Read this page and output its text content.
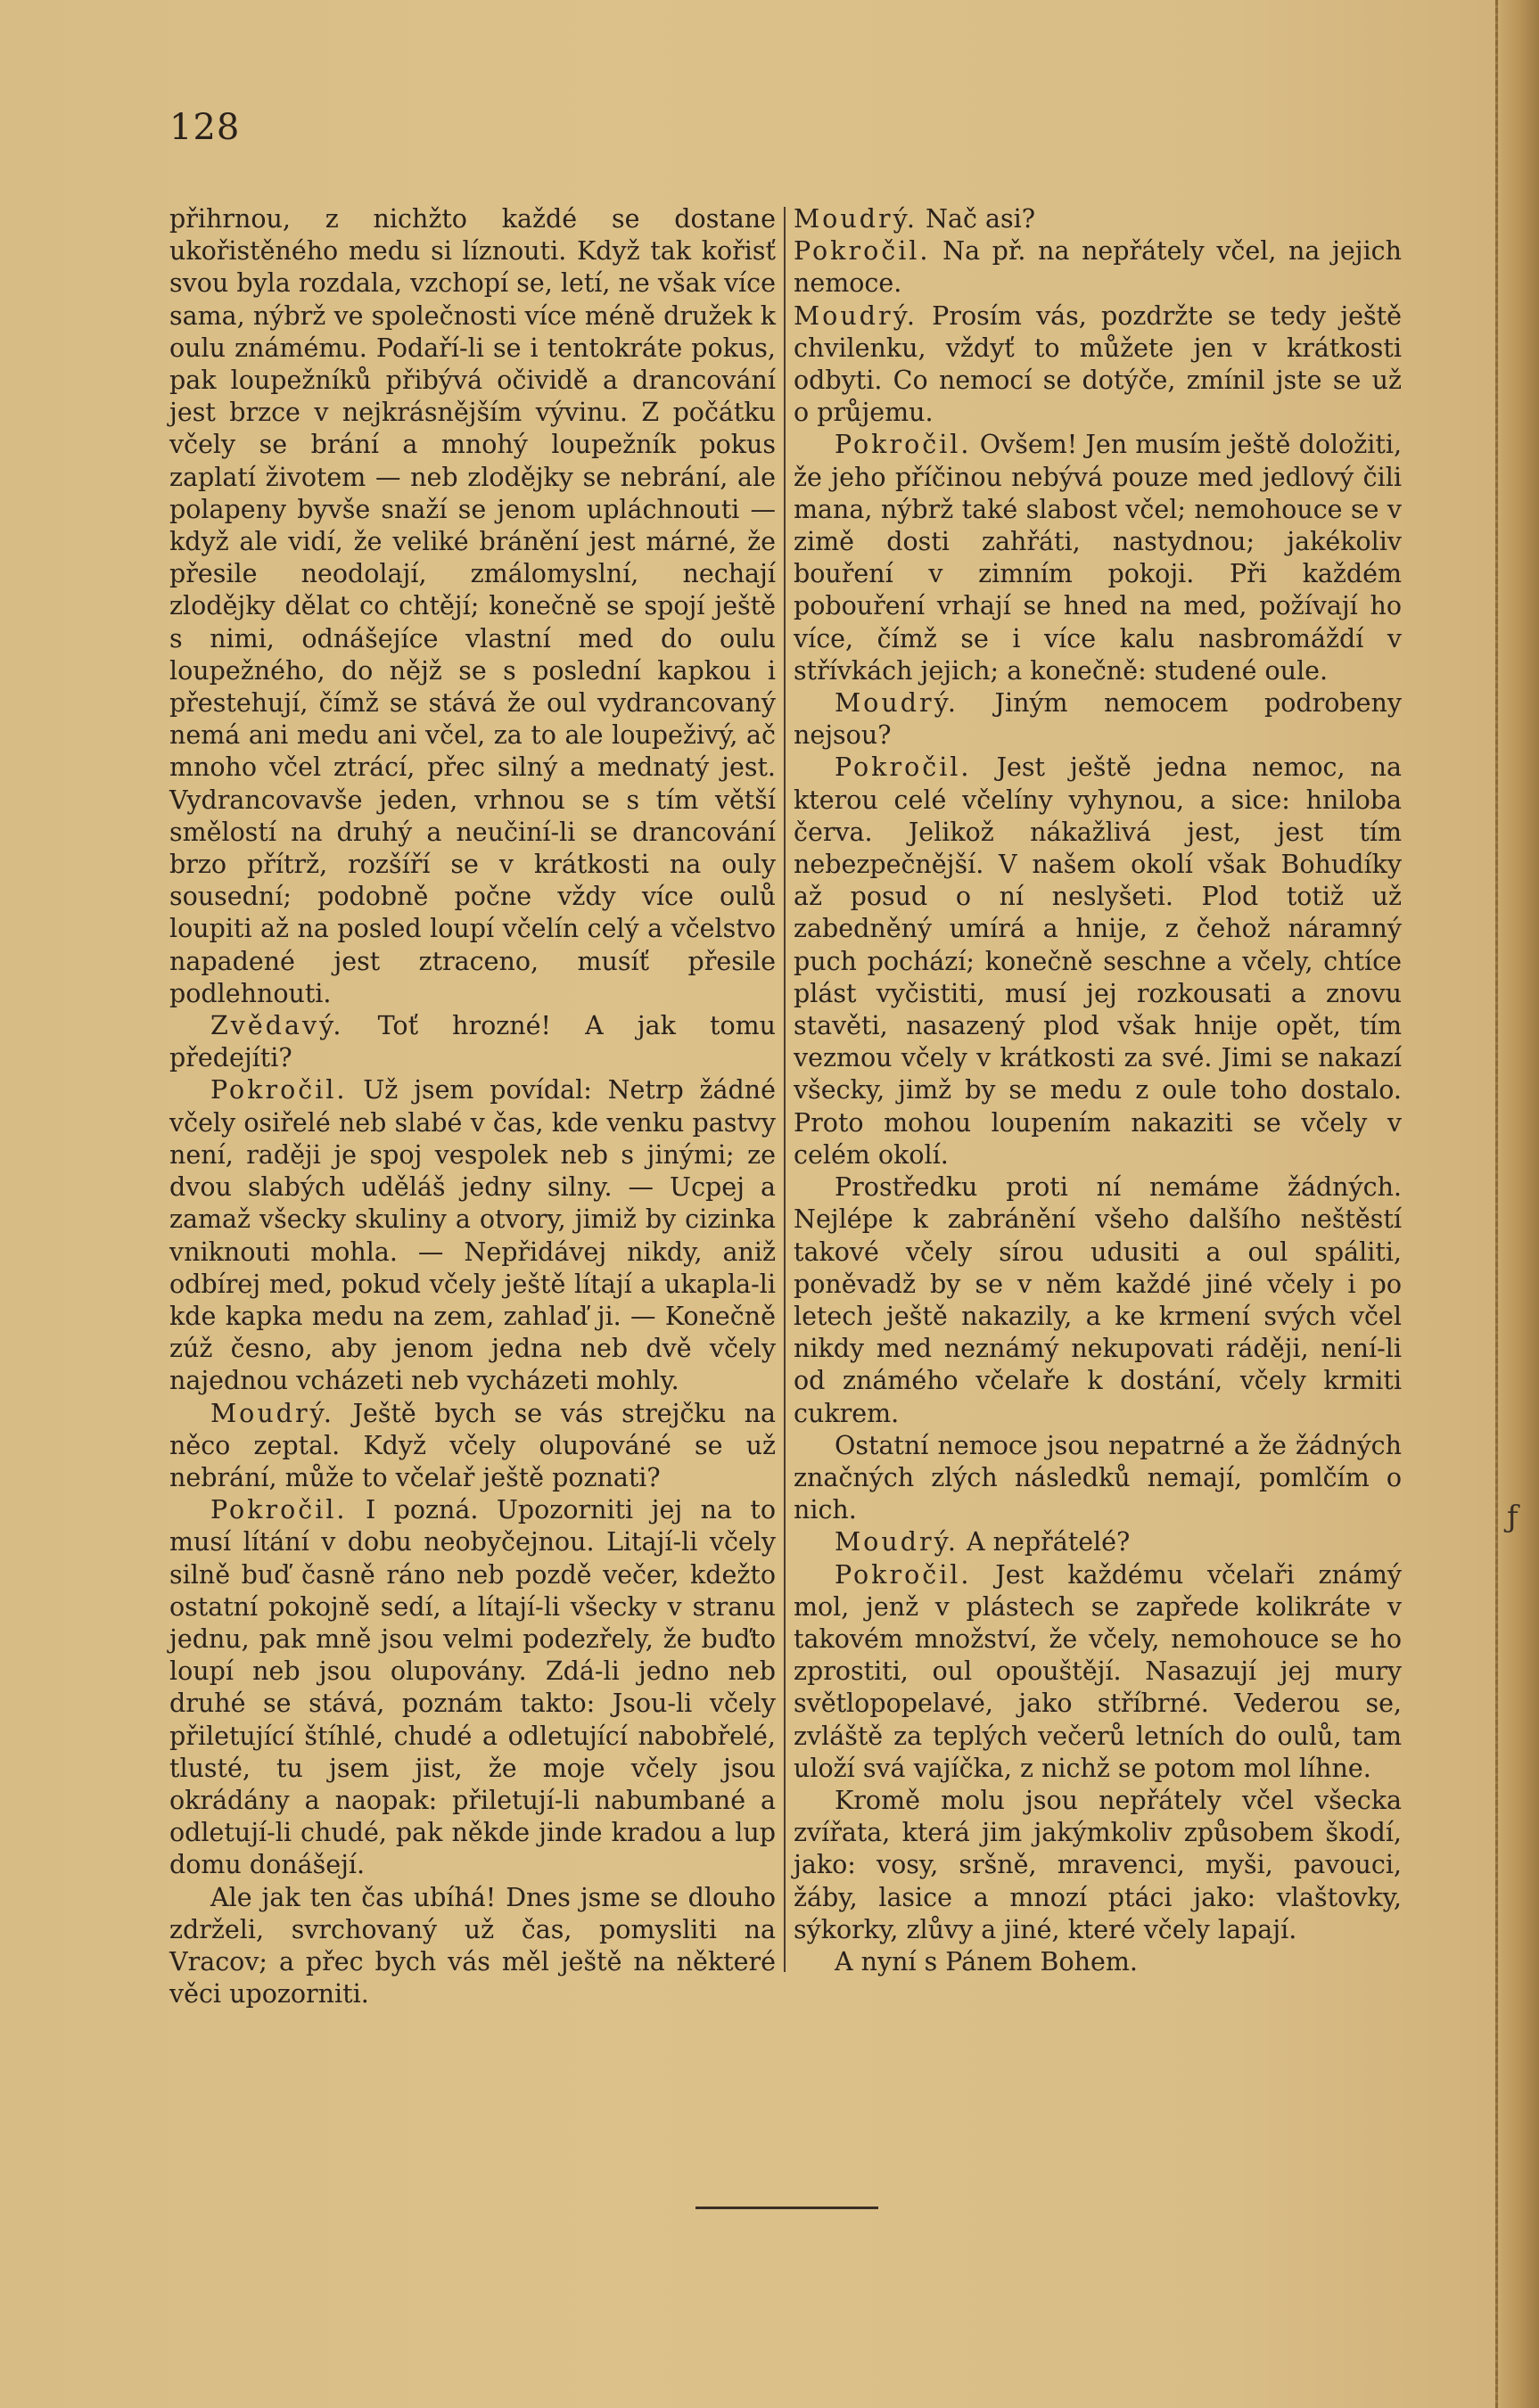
128

přihrnou, z nichžto každé se dostane ukořistěného medu si líznouti. Když tak kořisť svou byla rozdala, vzchopí se, letí, ne však více sama, nýbrž ve společnosti více méně družek k oulu známému. Podaří-li se i tentokráte pokus, pak loupežníků přibývá očividě a drancování jest brzce v nejkrásnějším vývinu. Z počátku včely se brání a mnohý loupežník pokus zaplatí životem — neb zlodějky se nebrání, ale polapeny byvše snaží se jenom upláchnouti — když ale vidí, že veliké bránění jest márné, že přesile neodolají, zmálomyslní, nechají zlodějky dělat co chtějí; konečně se spojí ještě s nimi, odnášejíce vlastní med do oulu loupežného, do nějž se s poslední kapkou i přestehují, čímž se stává že oul vydrancovaný nemá ani medu ani včel, za to ale loupeživý, ač mnoho včel ztrácí, přec silný a mednatý jest. Vydrancovavše jeden, vrhnou se s tím větší smělostí na druhý a neučiní-li se drancování brzo přítrž, rozšíří se v krátkosti na ouly sousední; podobně počne vždy více oulů loupiti až na posled loupí včelín celý a včelstvo napadené jest ztraceno, musíť přesile podlehnouti.

Zvědavý. Toť hrozné! A jak tomu předejíti?

Pokročil. Už jsem povídal: Netrp žádné včely osiřelé neb slabé v čas, kde venku pastvy není, raději je spoj vespolek neb s jinými; ze dvou slabých uděláš jedny silny. — Ucpej a zamaž všecky skuliny a otvory, jimiž by cizinka vniknouti mohla. — Nepřidávej nikdy, aniž odbírej med, pokud včely ještě lítají a ukapla-li kde kapka medu na zem, zahlaď ji. — Konečně zúž česno, aby jenom jedna neb dvě včely najednou vcházeti neb vycházeti mohly.

Moudrý. Ještě bych se vás strejčku na něco zeptal. Když včely olupováné se už nebrání, může to včelař ještě poznati?

Pokročil. I pozná. Upozorniti jej na to musí lítání v dobu neobyčejnou. Litají-li včely silně buď časně ráno neb pozdě večer, kdežto ostatní pokojně sedí, a lítají-li všecky v stranu jednu, pak mně jsou velmi podezřely, že buďto loupí neb jsou olupovány. Zdá-li jedno neb druhé se stává, poznám takto: Jsou-li včely přiletující štíhlé, chudé a odletující nabobřelé, tlusté, tu jsem jist, že moje včely jsou okrádány a naopak: přiletují-li nabumbané a odletují-li chudé, pak někde jinde kradou a lup domu donášejí.

Ale jak ten čas ubíhá! Dnes jsme se dlouho zdrželi, svrchovaný už čas, pomysliti na Vracov; a přec bych vás měl ještě na některé věci upozorniti.

Moudrý. Nač asi?

Pokročil. Na př. na nepřátely včel, na jejich nemoce.

Moudrý. Prosím vás, pozdržte se tedy ještě chvilenku, vždyť to můžete jen v krátkosti odbyti. Co nemocí se dotýče, zmínil jste se už o průjemu.

Pokročil. Ovšem! Jen musím ještě doložiti, že jeho příčinou nebývá pouze med jedlový čili mana, nýbrž také slabost včel; nemohouce se v zimě dosti zahřáti, nastydnou; jakékoliv bouření v zimním pokoji. Při každém pobouření vrhají se hned na med, požívají ho více, čímž se i více kalu nasbromáždí v střívkách jejich; a konečně: studené oule.

Moudrý. Jiným nemocem podrobeny nejsou?

Pokročil. Jest ještě jedna nemoc, na kterou celé včelíny vyhynou, a sice: hniloba červa. Jelikož nákažlivá jest, jest tím nebezpečnější. V našem okolí však Bohudíky až posud o ní neslyšeti. Plod totiž už zabedněný umírá a hnije, z čehož náramný puch pochází; konečně seschne a včely, chtíce plást vyčistiti, musí jej rozkousati a znovu stavěti, nasazený plod však hnije opět, tím vezmou včely v krátkosti za své. Jimi se nakazí všecky, jimž by se medu z oule toho dostalo. Proto mohou loupením nakaziti se včely v celém okolí.

Prostředku proti ní nemáme žádných. Nejlépe k zabránění všeho dalšího neštěstí takové včely sírou udusiti a oul spáliti, poněvadž by se v něm každé jiné včely i po letech ještě nakazily, a ke krmení svých včel nikdy med neznámý nekupovati ráději, není-li od známého včelaře k dostání, včely krmiti cukrem.

Ostatní nemoce jsou nepatrné a že žádných značných zlých následků nemají, pomlčím o nich.

Moudrý. A nepřátelé?

Pokročil. Jest každému včelaři známý mol, jenž v plástech se zapřede kolikráte v takovém množství, že včely, nemohouce se ho zprostiti, oul opouštějí. Nasazují jej mury světlopopelavé, jako stříbrné. Vederou se, zvláště za teplých večerů letních do oulů, tam uloží svá vajíčka, z nichž se potom mol líhne.

Kromě molu jsou nepřátely včel všecka zvířata, která jim jakýmkoliv způsobem škodí, jako: vosy, sršně, mravenci, myši, pavouci, žáby, lasice a mnozí ptáci jako: vlaštovky, sýkorky, zlůvy a jiné, které včely lapají.

A nyní s Pánem Bohem.

ƒ
